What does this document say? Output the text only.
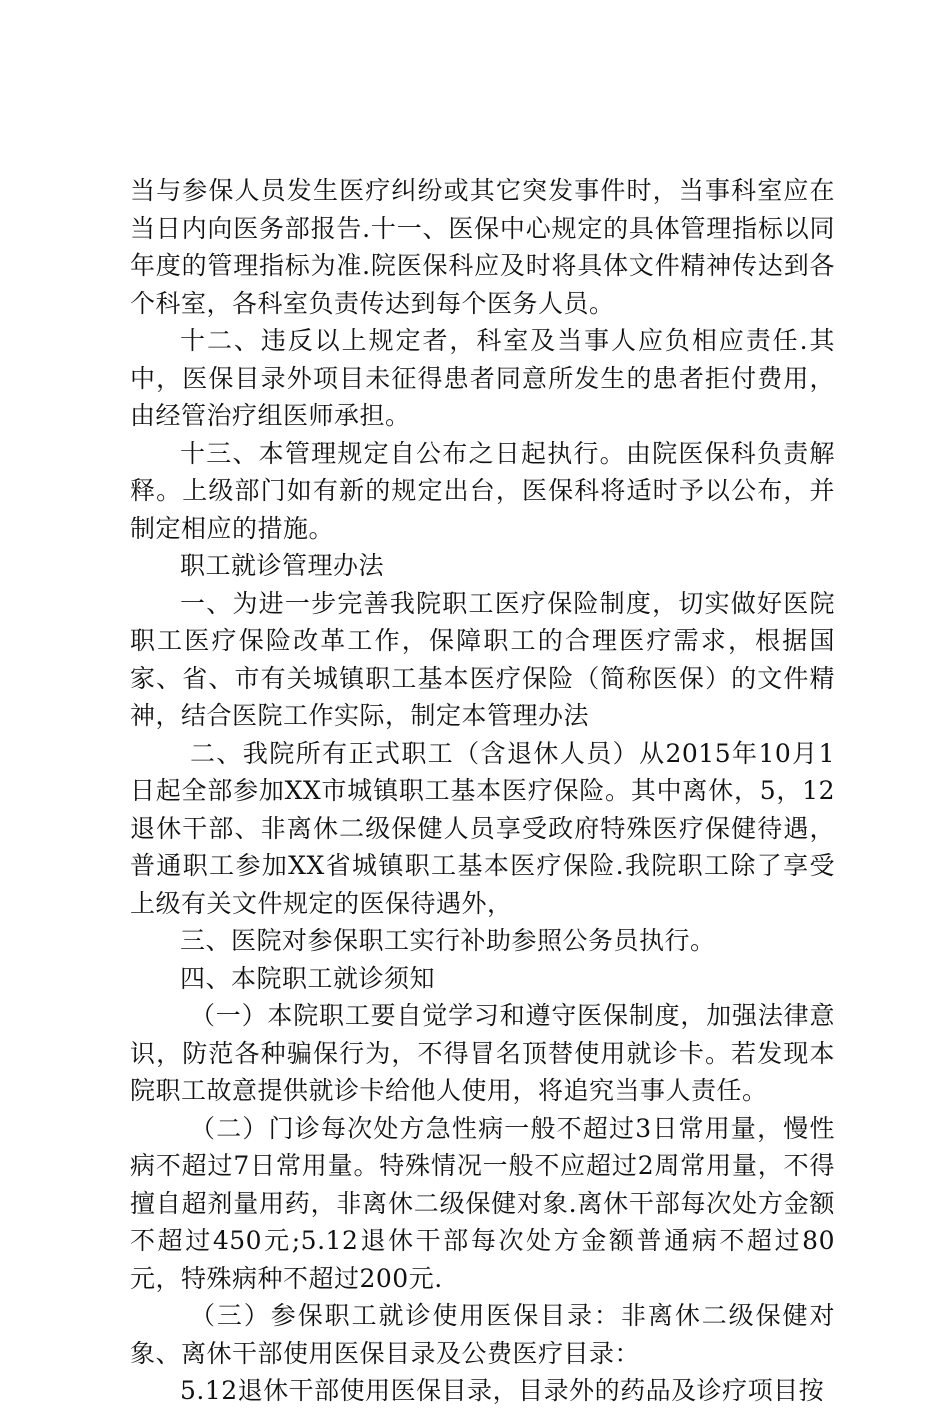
当与参保人员发生医疗纠纷或其它突发事件时，当事科室应在当日内向医务部报告.十一、医保中心规定的具体管理指标以同年度的管理指标为准.院医保科应及时将具体文件精神传达到各个科室，各科室负责传达到每个医务人员。

十二、违反以上规定者，科室及当事人应负相应责任.其中，医保目录外项目未征得患者同意所发生的患者拒付费用，由经管治疗组医师承担。

十三、本管理规定自公布之日起执行。由院医保科负责解释。上级部门如有新的规定出台，医保科将适时予以公布，并制定相应的措施。

职工就诊管理办法

一、为进一步完善我院职工医疗保险制度，切实做好医院职工医疗保险改革工作，保障职工的合理医疗需求，根据国家、省、市有关城镇职工基本医疗保险（简称医保）的文件精神，结合医院工作实际，制定本管理办法

二、我院所有正式职工（含退休人员）从2015年10月1日起全部参加XX市城镇职工基本医疗保险。其中离休，5，12退休干部、非离休二级保健人员享受政府特殊医疗保健待遇，普通职工参加XX省城镇职工基本医疗保险.我院职工除了享受上级有关文件规定的医保待遇外，

三、医院对参保职工实行补助参照公务员执行。

四、本院职工就诊须知

（一）本院职工要自觉学习和遵守医保制度，加强法律意识，防范各种骗保行为，不得冒名顶替使用就诊卡。若发现本院职工故意提供就诊卡给他人使用，将追究当事人责任。

（二）门诊每次处方急性病一般不超过3日常用量，慢性病不超过7日常用量。特殊情况一般不应超过2周常用量，不得擅自超剂量用药，非离休二级保健对象.离休干部每次处方金额不超过450元;5.12退休干部每次处方金额普通病不超过80元，特殊病种不超过200元.

（三）参保职工就诊使用医保目录：非离休二级保健对象、离休干部使用医保目录及公费医疗目录：

5.12退休干部使用医保目录，目录外的药品及诊疗项目按
